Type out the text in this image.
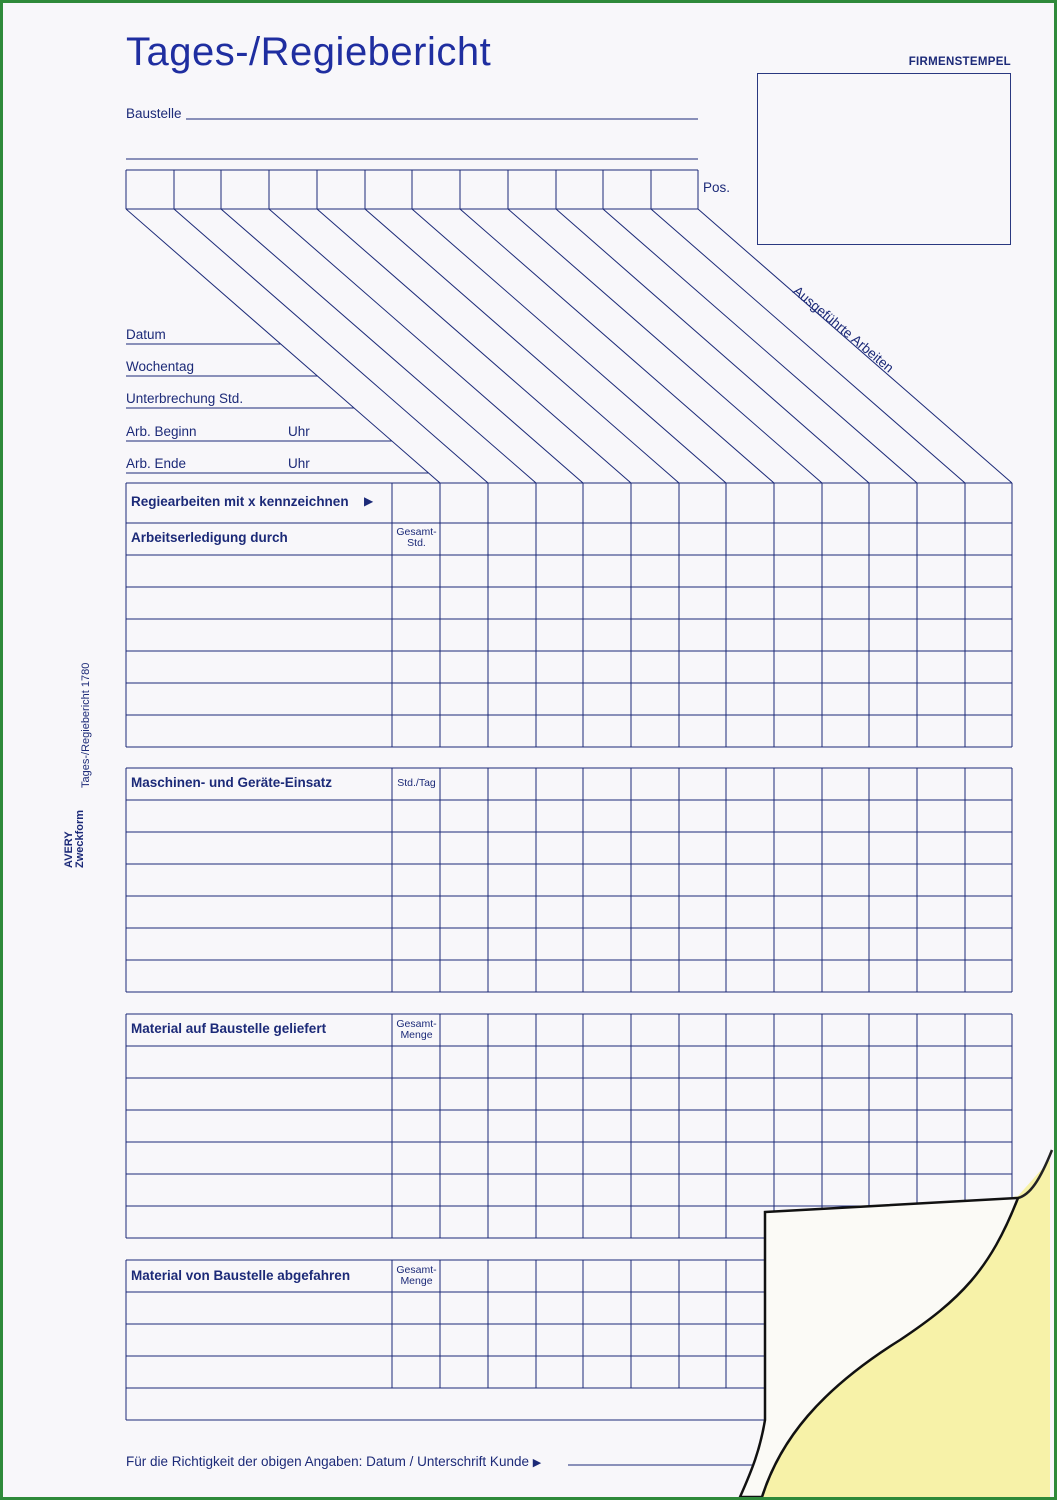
Tages-/Regiebericht	FIRMENSTEMPEL
Baustelle
Pos.
Datum
Wochentag
Unterbrechung Std.
Arb. Beginn	Uhr
Arb. Ende	Uhr
Ausgeführte Arbeiten
Tages-/Regiebericht 1780
AVERY Zweckform
Regiearbeiten mit x kennzeichnen ▶
Arbeitserledigung durch	Gesamt-
Std.
Maschinen- und Geräte-Einsatz	Std./Tag
Material auf Baustelle geliefert	Gesamt-
Menge
Material von Baustelle abgefahren	Gesamt-
Menge
Für die Richtigkeit der obigen Angaben: Datum / Unterschrift Kunde ▶
